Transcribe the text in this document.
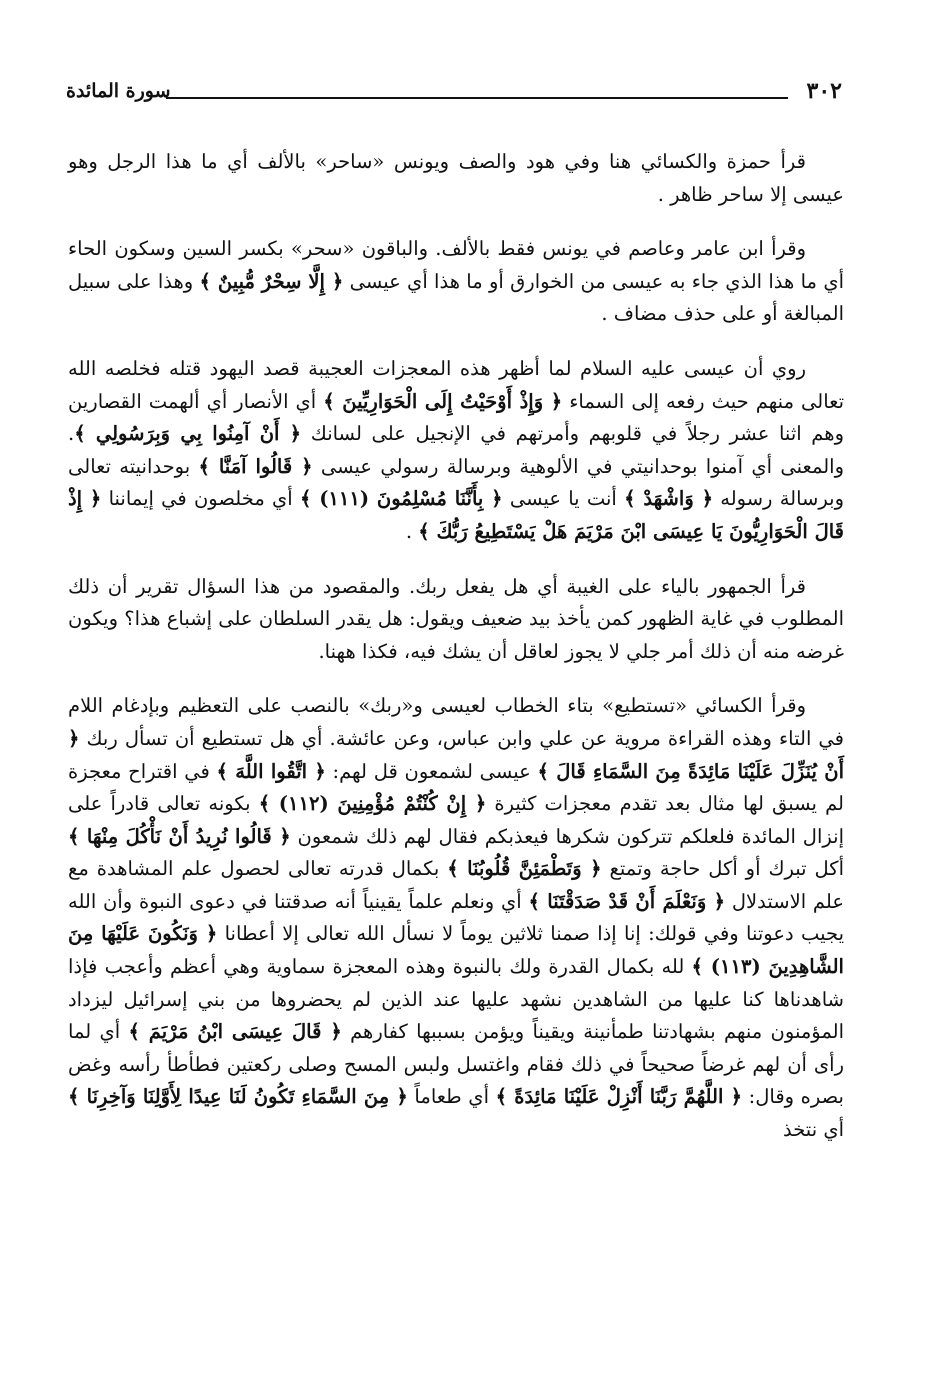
٣٠٢
سورة المائدة

قرأ حمزة والكسائي هنا وفي هود والصف ويونس «ساحر» بالألف أي ما هذا الرجل وهو عيسى إلا ساحر ظاهر .

وقرأ ابن عامر وعاصم في يونس فقط بالألف. والباقون «سحر» بكسر السين وسكون الحاء أي ما هذا الذي جاء به عيسى من الخوارق أو ما هذا أي عيسى ﴿ إِلَّا سِحْرٌ مُّبِينٌ ﴾ وهذا على سبيل المبالغة أو على حذف مضاف .

روي أن عيسى عليه السلام لما أظهر هذه المعجزات العجيبة قصد اليهود قتله فخلصه الله تعالى منهم حيث رفعه إلى السماء ﴿ وَإِذْ أَوْحَيْتُ إِلَى الْحَوَارِيِّينَ ﴾ أي الأنصار أي ألهمت القصارين وهم اثنا عشر رجلاً في قلوبهم وأمرتهم في الإنجيل على لسانك ﴿ أَنْ آمِنُوا بِي وَبِرَسُولِي ﴾. والمعنى أي آمنوا بوحدانيتي في الألوهية وبرسالة رسولي عيسى ﴿ قَالُوا آمَنَّا ﴾ بوحدانيته تعالى وبرسالة رسوله ﴿ وَاشْهَدْ ﴾ أنت يا عيسى ﴿ بِأَنَّنَا مُسْلِمُونَ (١١١) ﴾ أي مخلصون في إيماننا ﴿ إِذْ قَالَ الْحَوَارِيُّونَ يَا عِيسَى ابْنَ مَرْيَمَ هَلْ يَسْتَطِيعُ رَبُّكَ ﴾ .

قرأ الجمهور بالياء على الغيبة أي هل يفعل ربك. والمقصود من هذا السؤال تقرير أن ذلك المطلوب في غاية الظهور كمن يأخذ بيد ضعيف ويقول: هل يقدر السلطان على إشباع هذا؟ ويكون غرضه منه أن ذلك أمر جلي لا يجوز لعاقل أن يشك فيه، فكذا ههنا.

وقرأ الكسائي «تستطيع» بتاء الخطاب لعيسى و«ربك» بالنصب على التعظيم وبإدغام اللام في التاء وهذه القراءة مروية عن علي وابن عباس، وعن عائشة. أي هل تستطيع أن تسأل ربك ﴿ أَنْ يُنَزِّلَ عَلَيْنَا مَائِدَةً مِنَ السَّمَاءِ قَالَ ﴾ عيسى لشمعون قل لهم: ﴿ اتَّقُوا اللَّهَ ﴾ في اقتراح معجزة لم يسبق لها مثال بعد تقدم معجزات كثيرة ﴿ إِنْ كُنْتُمْ مُؤْمِنِينَ (١١٢) ﴾ بكونه تعالى قادراً على إنزال المائدة فلعلكم تتركون شكرها فيعذبكم فقال لهم ذلك شمعون ﴿ قَالُوا نُرِيدُ أَنْ نَأْكُلَ مِنْهَا ﴾ أكل تبرك أو أكل حاجة وتمتع ﴿ وَتَطْمَئِنَّ قُلُوبُنَا ﴾ بكمال قدرته تعالى لحصول علم المشاهدة مع علم الاستدلال ﴿ وَنَعْلَمَ أَنْ قَدْ صَدَقْتَنَا ﴾ أي ونعلم علماً يقينياً أنه صدقتنا في دعوى النبوة وأن الله يجيب دعوتنا وفي قولك: إنا إذا صمنا ثلاثين يوماً لا نسأل الله تعالى إلا أعطانا ﴿ وَنَكُونَ عَلَيْهَا مِنَ الشَّاهِدِينَ (١١٣) ﴾ لله بكمال القدرة ولك بالنبوة وهذه المعجزة سماوية وهي أعظم وأعجب فإذا شاهدناها كنا عليها من الشاهدين نشهد عليها عند الذين لم يحضروها من بني إسرائيل ليزداد المؤمنون منهم بشهادتنا طمأنينة ويقيناً ويؤمن بسببها كفارهم ﴿ قَالَ عِيسَى ابْنُ مَرْيَمَ ﴾ أي لما رأى أن لهم غرضاً صحيحاً في ذلك فقام واغتسل ولبس المسح وصلى ركعتين فطأطأ رأسه وغض بصره وقال: ﴿ اللَّهُمَّ رَبَّنَا أَنْزِلْ عَلَيْنَا مَائِدَةً ﴾ أي طعاماً ﴿ مِنَ السَّمَاءِ تَكُونُ لَنَا عِيدًا لِأَوَّلِنَا وَآخِرِنَا ﴾ أي نتخذ
